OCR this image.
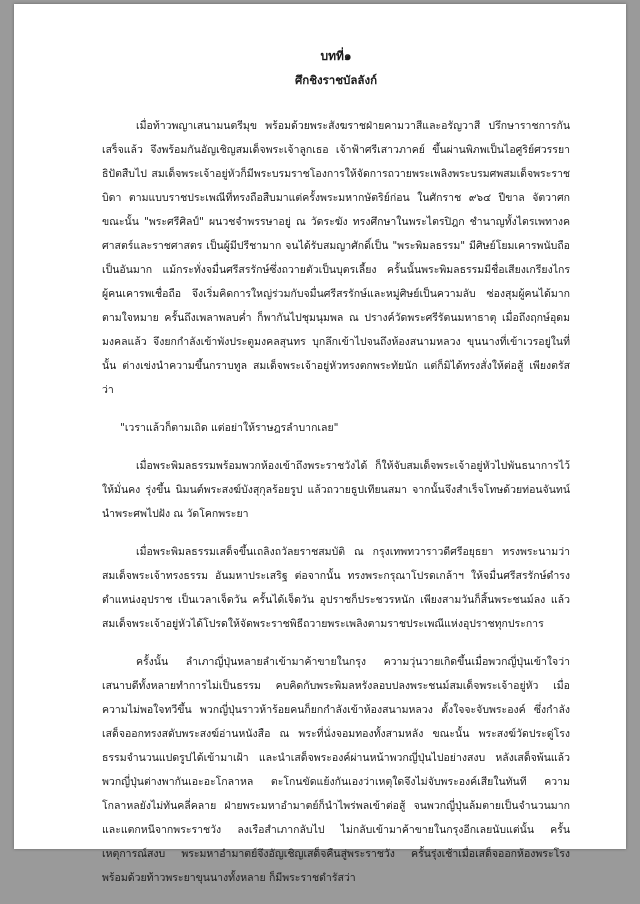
บทที่๑
ศึกชิงราชบัลลังก์

เมื่อท้าวพญาเสนามนตรีมุข พร้อมด้วยพระสังฆราชฝ่ายคามวาสีและอรัญวาสี ปรึกษาราชการกันเสร็จแล้ว จึงพร้อมกันอัญเชิญสมเด็จพระเจ้าลูกเธอ เจ้าฟ้าศรีเสาวภาคย์ ขึ้นผ่านพิภพเป็นไอศูริย์ศวรรยาธิปัตสืบไป สมเด็จพระเจ้าอยู่หัวก็มีพระบรมราชโองการให้จัดการถวายพระเพลิงพระบรมศพสมเด็จพระราชบิดา ตามแบบราชประเพณีที่ทรงถือสืบมาแต่ครั้งพระมหากษัตริย์ก่อน ในศักราช ๙๖๔ ปีขาล จัตวาศก ขณะนั้น "พระศรีศิลป์" ผนวชจำพรรษาอยู่ ณ วัดระฆัง ทรงศึกษาในพระไตรปิฎก ชำนาญทั้งไตรเพทางคศาสตร์และราชศาสตร เป็นผู้มีปรีชามาก จนได้รับสมญาศักดิ์เป็น "พระพิมลธรรม" มีศิษย์โยมเคารพนับถือเป็นอันมาก แม้กระทั่งจมื่นศรีสรรักษ์ซึ่งถวายตัวเป็นบุตรเลี้ยง ครั้นนั้นพระพิมลธรรมมีชื่อเสียงเกรียงไกร ผู้คนเคารพเชื่อถือ จึงเริ่มคิดการใหญ่ร่วมกับจมื่นศรีสรรักษ์และหมู่ศิษย์เป็นความลับ ซ่องสุมผู้คนได้มากตามใจหมาย ครั้นถึงเพลาพลบค่ำ ก็พากันไปชุมนุมพล ณ ปรางค์วัดพระศรีรัตนมหาธาตุ เมื่อถึงฤกษ์อุดมมงคลแล้ว จึงยกกำลังเข้าพังประตูมงคลสุนทร บุกลึกเข้าไปจนถึงห้องสนามหลวง ขุนนางที่เข้าเวรอยู่ในที่นั้น ต่างเข่งนำความขึ้นกราบทูล สมเด็จพระเจ้าอยู่หัวทรงตกพระทัยนัก แต่ก็มิได้ทรงสั่งให้ต่อสู้ เพียงตรัสว่า

"เวราแล้วก็ตามเถิด แต่อย่าให้ราษฎรลำบากเลย"

เมื่อพระพิมลธรรมพร้อมพวกห้องเข้าถึงพระราชวังได้ ก็ให้จับสมเด็จพระเจ้าอยู่หัวไปพันธนาการไว้ให้มั่นคง รุ่งขึ้น นิมนต์พระสงฆ์บังสุกุลร้อยรูป แล้วถวายธูปเทียนสมา จากนั้นจึงสำเร็จโทษด้วยท่อนจันทน์ นำพระศพไปฝัง ณ วัดโคกพระยา

เมื่อพระพิมลธรรมเสด็จขึ้นเถลิงถวัลยราชสมบัติ ณ กรุงเทพทวาราวดีศรีอยุธยา ทรงพระนามว่า สมเด็จพระเจ้าทรงธรรม อันมหาประเสริฐ ต่อจากนั้น ทรงพระกรุณาโปรดเกล้าฯ ให้จมื่นศรีสรรักษ์ดำรงตำแหน่งอุปราช เป็นเวลาเจ็ดวัน ครั้นได้เจ็ดวัน อุปราชก็ประชวรหนัก เพียงสามวันก็สิ้นพระชนม์ลง แล้วสมเด็จพระเจ้าอยู่หัวได้โปรดให้จัดพระราชพิธีถวายพระเพลิงตามราชประเพณีแห่งอุปราชทุกประการ

ครั้งนั้น ลำเภาญี่ปุ่นหลายลำเข้ามาค้าขายในกรุง ความวุ่นวายเกิดขึ้นเมื่อพวกญี่ปุ่นเข้าใจว่าเสนาบดีทั้งหลายทำการไม่เป็นธรรม คบคิดกับพระพิมลหรังลอบปลงพระชนม์สมเด็จพระเจ้าอยู่หัว เมื่อความไม่พอใจทวีขึ้น พวกญี่ปุ่นราวห้าร้อยคนก็ยกกำลังเข้าห้องสนามหลวง ตั้งใจจะจับพระองค์ ซึ่งกำลังเสด็จออกทรงสดับพระสงฆ์อ่านหนังสือ ณ พระที่นั่งจอมทองทั้งสามหลัง ขณะนั้น พระสงฆ์วัดประดู่โรงธรรมจำนวนแปดรูปได้เข้ามาเฝ้า และนำเสด็จพระองค์ผ่านหน้าพวกญี่ปุ่นไปอย่างสงบ หลังเสด็จพ้นแล้ว พวกญี่ปุ่นต่างพากันเอะอะโกลาหล ตะโกนขัดแย้งกันเองว่าเหตุใดจึงไม่จับพระองค์เสียในทันที ความโกลาหลยังไม่ทันคลี่คลาย ฝ่ายพระมหาอำมาตย์ก็นำไพร่พลเข้าต่อสู้ จนพวกญี่ปุ่นล้มตายเป็นจำนวนมาก และแตกหนีจากพระราชวัง ลงเรือสำเภากลับไป ไม่กลับเข้ามาค้าขายในกรุงอีกเลยนับแต่นั้น ครั้นเหตุการณ์สงบ พระมหาอำมาตย์จึงอัญเชิญเสด็จคืนสู่พระราชวัง ครั้นรุ่งเช้าเมื่อเสด็จออกห้องพระโรง พร้อมด้วยท้าวพระยาขุนนางทั้งหลาย ก็มีพระราชดำรัสว่า
